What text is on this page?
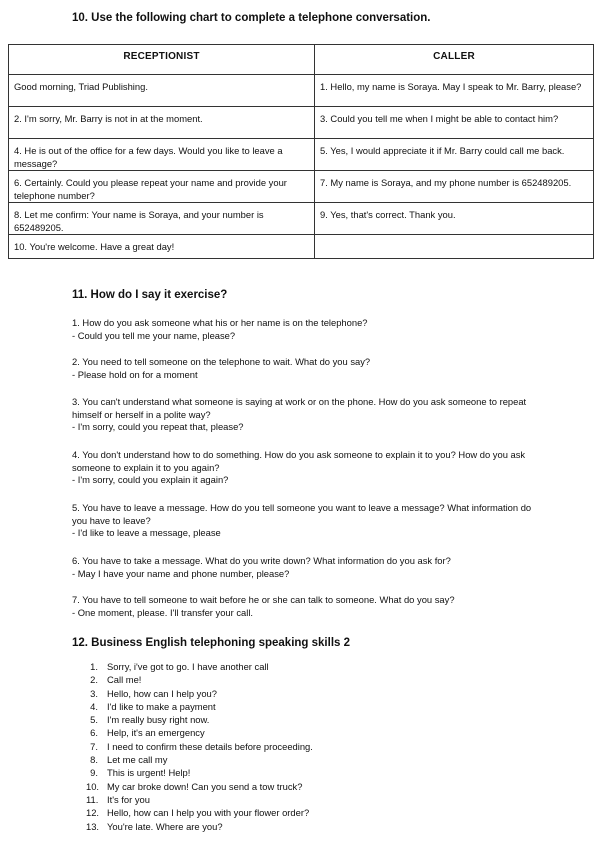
10. Use the following chart to complete a telephone conversation.
RECEPTIONIST	CALLER
Good morning, Triad Publishing.	1. Hello, my name is Soraya. May I speak to Mr. Barry, please?
2. I'm sorry, Mr. Barry is not in at the moment.	3. Could you tell me when I might be able to contact him?
4. He is out of the office for a few days. Would you like to leave a message?	5. Yes, I would appreciate it if Mr. Barry could call me back.
6. Certainly. Could you please repeat your name and provide your telephone number?	7. My name is Soraya, and my phone number is 652489205.
8. Let me confirm: Your name is Soraya, and your number is 652489205.	9. Yes, that's correct. Thank you.
10. You're welcome. Have a great day!	
11. How do I say it exercise?
1. How do you ask someone what his or her name is on the telephone?
- Could you tell me your name, please?
2. You need to tell someone on the telephone to wait. What do you say?
- Please hold on for a moment
3. You can't understand what someone is saying at work or on the phone. How do you ask someone to repeat himself or herself in a polite way?
- I'm sorry, could you repeat that, please?
4. You don't understand how to do something. How do you ask someone to explain it to you? How do you ask someone to explain it to you again?
- I'm sorry, could you explain it again?
5. You have to leave a message. How do you tell someone you want to leave a message? What information do you have to leave?
- I'd like to leave a message, please
6. You have to take a message. What do you write down? What information do you ask for?
- May I have your name and phone number, please?
7. You have to tell someone to wait before he or she can talk to someone. What do you say?
- One moment, please. I'll transfer your call.
12. Business English telephoning speaking skills 2
1. Sorry, i've got to go. I have another call
2. Call me!
3. Hello, how can I help you?
4. I'd like to make a payment
5. I'm really busy right now.
6. Help, it's an emergency
7. I need to confirm these details before proceeding.
8. Let me call my
9. This is urgent! Help!
10. My car broke down! Can you send a tow truck?
11. It's for you
12. Hello, how can I help you with your flower order?
13. You're late. Where are you?
